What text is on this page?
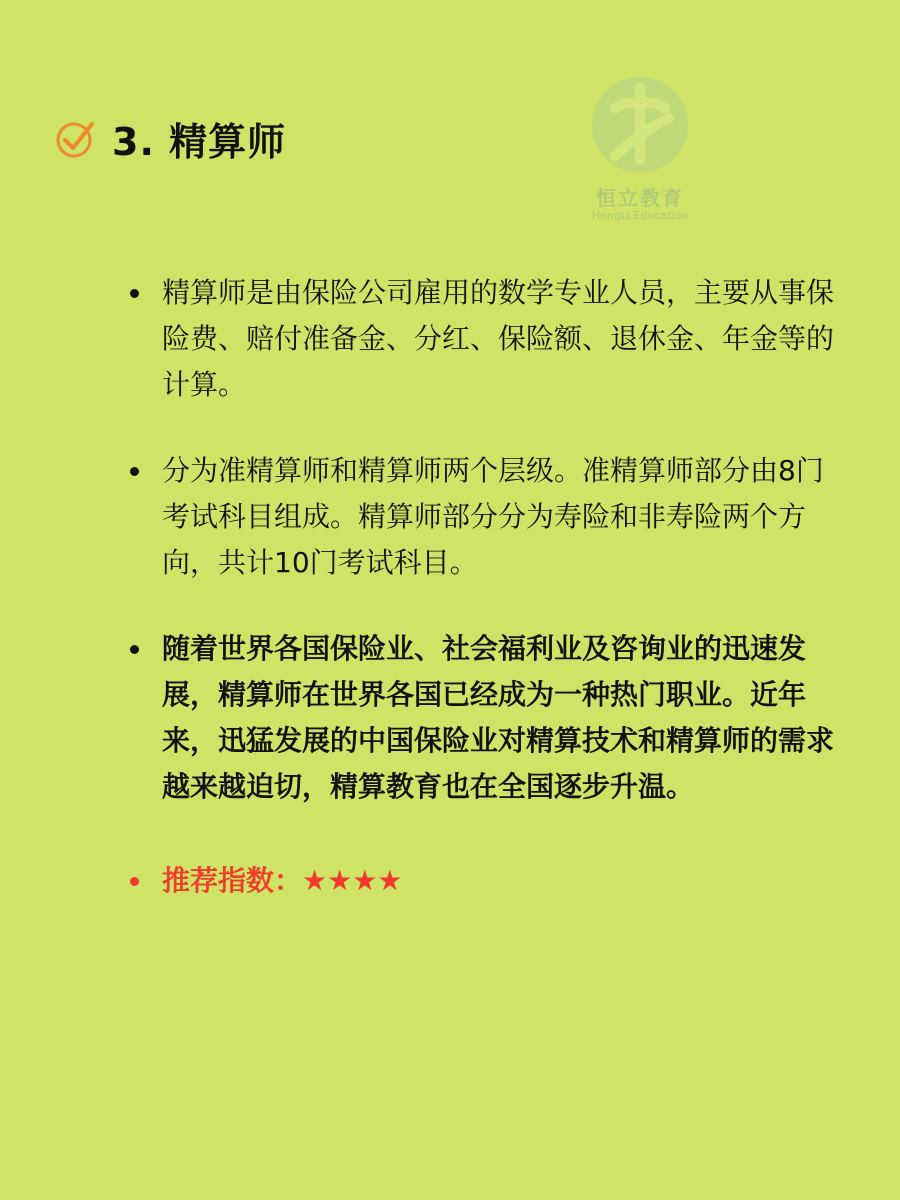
3. 精算师
恒立教育
HengLi Education
精算师是由保险公司雇用的数学专业人员，主要从事保险费、赔付准备金、分红、保险额、退休金、年金等的计算。
分为准精算师和精算师两个层级。准精算师部分由8门考试科目组成。精算师部分分为寿险和非寿险两个方向，共计10门考试科目。
随着世界各国保险业、社会福利业及咨询业的迅速发展，精算师在世界各国已经成为一种热门职业。近年来，迅猛发展的中国保险业对精算技术和精算师的需求越来越迫切，精算教育也在全国逐步升温。
推荐指数：★★★★
